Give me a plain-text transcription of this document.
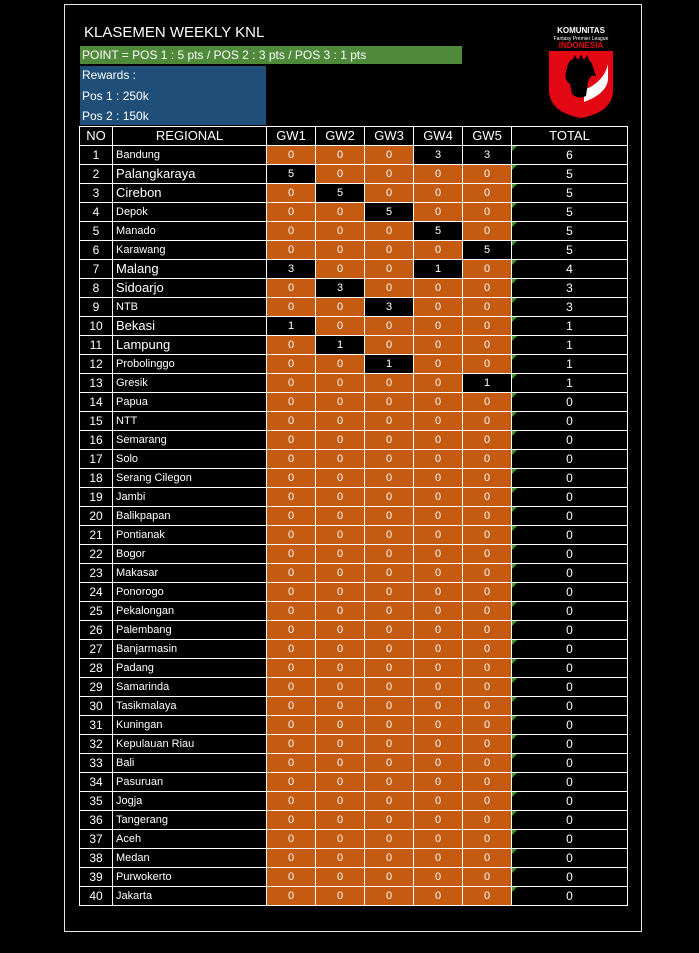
KLASEMEN WEEKLY KNL
POINT = POS 1 : 5 pts / POS 2 : 3 pts / POS 3 : 1 pts
Rewards :
Pos 1 : 250k
Pos 2 : 150k
KOMUNITAS
Fantasy Premier League
INDONESIA
NO	REGIONAL	GW1	GW2	GW3	GW4	GW5	TOTAL
1	Bandung	0	0	0	3	3	6
2	Palangkaraya	5	0	0	0	0	5
3	Cirebon	0	5	0	0	0	5
4	Depok	0	0	5	0	0	5
5	Manado	0	0	0	5	0	5
6	Karawang	0	0	0	0	5	5
7	Malang	3	0	0	1	0	4
8	Sidoarjo	0	3	0	0	0	3
9	NTB	0	0	3	0	0	3
10	Bekasi	1	0	0	0	0	1
11	Lampung	0	1	0	0	0	1
12	Probolinggo	0	0	1	0	0	1
13	Gresik	0	0	0	0	1	1
14	Papua	0	0	0	0	0	0
15	NTT	0	0	0	0	0	0
16	Semarang	0	0	0	0	0	0
17	Solo	0	0	0	0	0	0
18	Serang Cilegon	0	0	0	0	0	0
19	Jambi	0	0	0	0	0	0
20	Balikpapan	0	0	0	0	0	0
21	Pontianak	0	0	0	0	0	0
22	Bogor	0	0	0	0	0	0
23	Makasar	0	0	0	0	0	0
24	Ponorogo	0	0	0	0	0	0
25	Pekalongan	0	0	0	0	0	0
26	Palembang	0	0	0	0	0	0
27	Banjarmasin	0	0	0	0	0	0
28	Padang	0	0	0	0	0	0
29	Samarinda	0	0	0	0	0	0
30	Tasikmalaya	0	0	0	0	0	0
31	Kuningan	0	0	0	0	0	0
32	Kepulauan Riau	0	0	0	0	0	0
33	Bali	0	0	0	0	0	0
34	Pasuruan	0	0	0	0	0	0
35	Jogja	0	0	0	0	0	0
36	Tangerang	0	0	0	0	0	0
37	Aceh	0	0	0	0	0	0
38	Medan	0	0	0	0	0	0
39	Purwokerto	0	0	0	0	0	0
40	Jakarta	0	0	0	0	0	0
